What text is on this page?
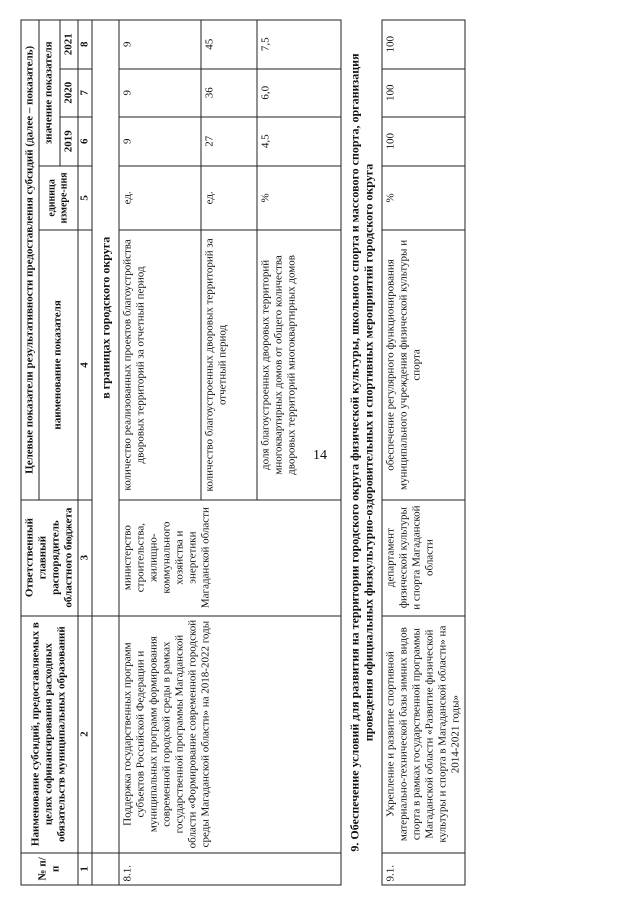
14
№ п/п	Наименование субсидий, предоставляемых в целях софинансирования расходных обязательств муниципальных образований	Ответственный главный распорядитель областного бюджета	Целевые показатели результативности предоставления субсидий (далее – показатель)				
			наименование показателя	единица измере-ния	значение показателя		
					2019	2020	2021
1	2	3	4	5	6	7	8
		в границах городского округа					
8.1.	Поддержка государственных программ субъектов Российской Федерации и муниципальных программ формирования современной городской среды в рамках государственной программы Магаданской области «Формирование современной городской среды Магаданской области» на 2018-2022 годы	министерство строительства, жилищно-коммунального хозяйства и энергетики Магаданской области	количество реализованных проектов благоустройства дворовых территорий за отчетный период	ед.	9	9	9
			количество благоустроенных дворовых территорий за отчетный период	ед.	27	36	45
			доля благоустроенных дворовых территорий многоквартирных домов от общего количества дворовых территорий многоквартирных домов	%	4,5	6,0	7,5
9. Обеспечение условий для развития на территории городского округа физической культуры, школьного спорта и массового спорта, организация проведения официальных физкультурно-оздоровительных и спортивных мероприятий городского округа							
9.1.	Укрепление и развитие спортивной материально-технической базы зимних видов спорта в рамках государственной программы Магаданской области «Развитие физической культуры и спорта в Магаданской области» на 2014-2021 годы»	департамент физической культуры и спорта Магаданской области	обеспечение регулярного функционирования муниципального учреждения физической культуры и спорта	%	100	100	100
